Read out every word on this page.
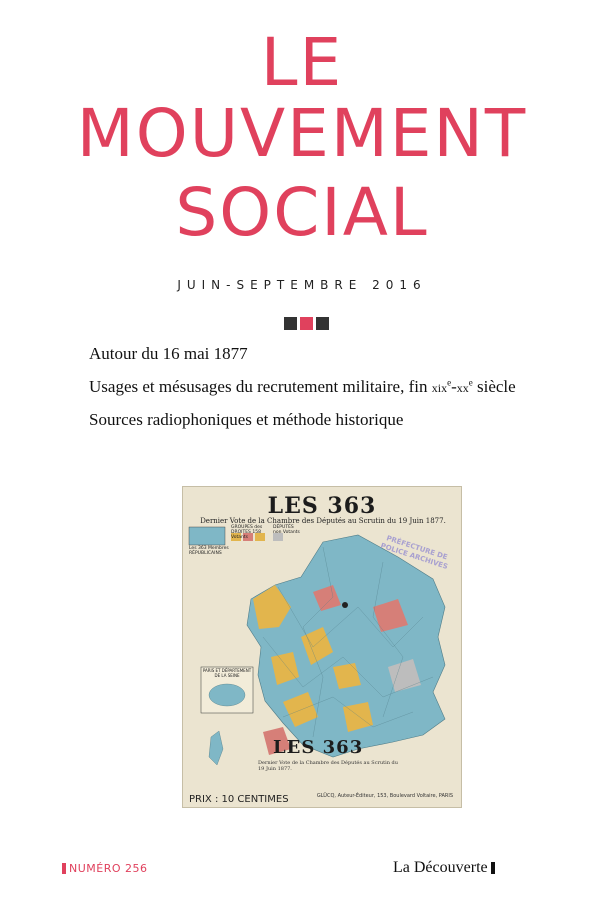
LE
MOUVEMENT
SOCIAL
JUIN-SEPTEMBRE 2016
Autour du 16 mai 1877
Usages et mésusages du recrutement militaire, fin $xix^e-xx^e$ siècle
Sources radiophoniques et méthode historique
LES 363
Dernier Vote de la Chambre des Députés au Scrutin du 19 Juin 1877.
Les 363 Membres RÉPUBLICAINS
GROUPES des DROITES 158 Votants
DÉPUTÉS non Votants
PRÉFECTURE DE POLICE ARCHIVES
PARIS ET DÉPARTEMENT DE LA SEINE
LES 363
Dernier Vote de la Chambre des Députés au Scrutin du 19 Juin 1877.
GLÜCQ, Auteur-Éditeur, 153, Boulevard Voltaire, PARIS
PRIX : 10 CENTIMES
NUMÉRO 256	La Découverte
